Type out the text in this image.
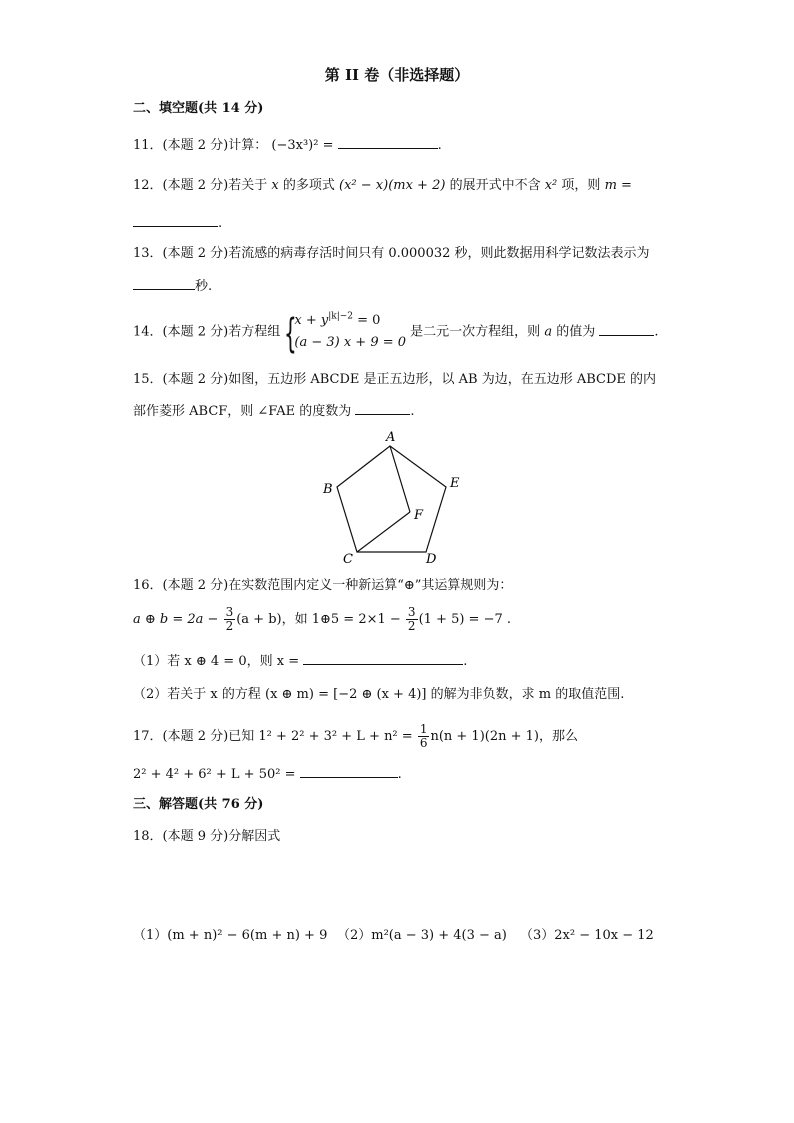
第 II 卷（非选择题）
二、填空题(共 14 分)
11．(本题 2 分)计算： (−3x³)² =	.
12．(本题 2 分)若关于 x 的多项式 (x² − x)(mx + 2) 的展开式中不含 x² 项，则 m =
.
13．(本题 2 分)若流感的病毒存活时间只有 0.000032 秒，则此数据用科学记数法表示为
秒.
14．(本题 2 分)若方程组 {
$x + y^{|k|-2} = 0$
(a − 3) x + 9 = 0
是二元一次方程组，则 a 的值为	.
15．(本题 2 分)如图，五边形 ABCDE 是正五边形，以 AB 为边，在五边形 ABCDE 的内
部作菱形 ABCF，则 ∠FAE 的度数为	.
A
B
C	D
E
F
16．(本题 2 分)在实数范围内定义一种新运算“⊕”其运算规则为：
a ⊕ $b = 2a - \frac{3}{2} (a + b)$，如 1⊕5 = $2\times 1 - \frac{3}{2} (1 + 5) = -7$ .
（1）若 x ⊕ 4 = 0，则 x =	.
（2）若关于 x 的方程 (x ⊕ m) = [−2 ⊕ (x + 4)] 的解为非负数，求 m 的取值范围.
17．(本题 2 分)已知 $1^2 + 2^2 + 3^2 + L + n^2 = \frac{1}{6} n(n + 1)(2n + 1)$，那么
2² + 4² + 6² + L + 50² =	.
三、解答题(共 76 分)
18．(本题 9 分)分解因式
（1）(m + n)² − 6(m + n) + 9 （2）m²(a − 3) + 4(3 − a) （3）2x² − 10x − 12
